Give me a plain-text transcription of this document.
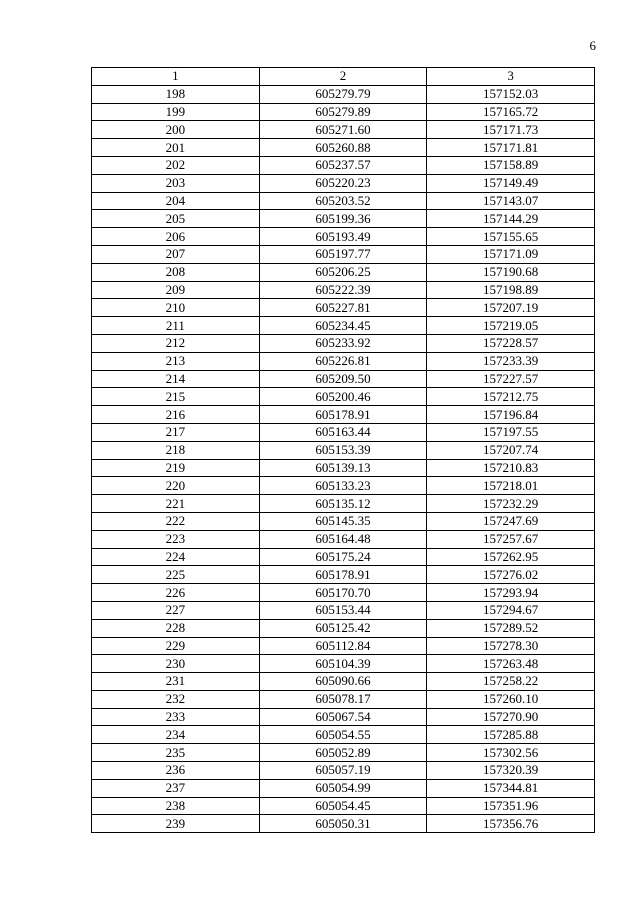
6
1	2	3
198	605279.79	157152.03
199	605279.89	157165.72
200	605271.60	157171.73
201	605260.88	157171.81
202	605237.57	157158.89
203	605220.23	157149.49
204	605203.52	157143.07
205	605199.36	157144.29
206	605193.49	157155.65
207	605197.77	157171.09
208	605206.25	157190.68
209	605222.39	157198.89
210	605227.81	157207.19
211	605234.45	157219.05
212	605233.92	157228.57
213	605226.81	157233.39
214	605209.50	157227.57
215	605200.46	157212.75
216	605178.91	157196.84
217	605163.44	157197.55
218	605153.39	157207.74
219	605139.13	157210.83
220	605133.23	157218.01
221	605135.12	157232.29
222	605145.35	157247.69
223	605164.48	157257.67
224	605175.24	157262.95
225	605178.91	157276.02
226	605170.70	157293.94
227	605153.44	157294.67
228	605125.42	157289.52
229	605112.84	157278.30
230	605104.39	157263.48
231	605090.66	157258.22
232	605078.17	157260.10
233	605067.54	157270.90
234	605054.55	157285.88
235	605052.89	157302.56
236	605057.19	157320.39
237	605054.99	157344.81
238	605054.45	157351.96
239	605050.31	157356.76
